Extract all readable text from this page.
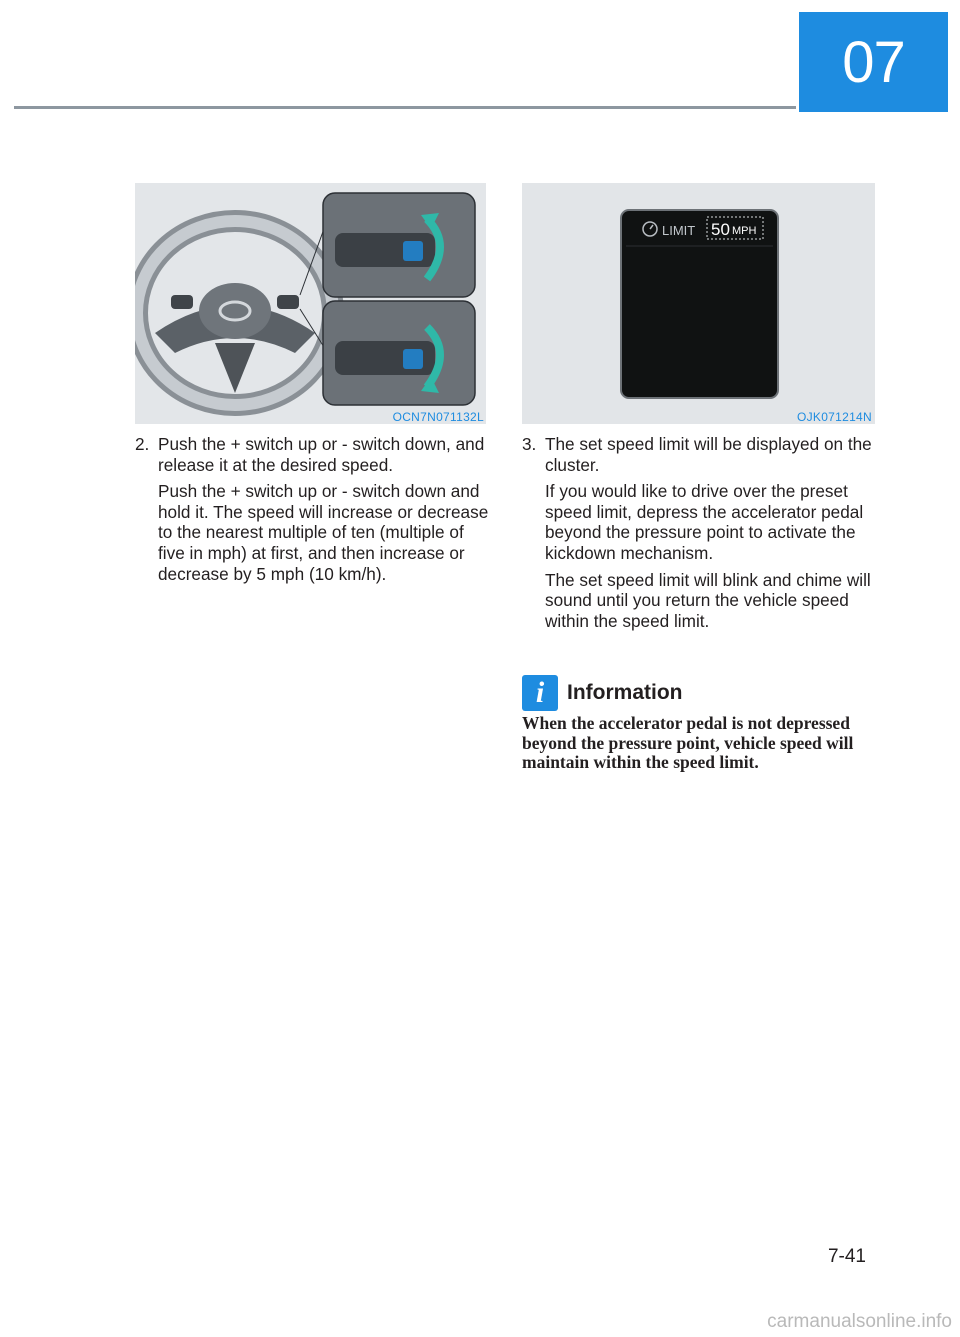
07
OCN7N071132L
LIMIT 50 MPH
OJK071214N
2. Push the + switch up or - switch down, and release it at the desired speed.

Push the + switch up or - switch down and hold it. The speed will increase or decrease to the nearest multiple of ten (multiple of five in mph) at first, and then increase or decrease by 5 mph (10 km/h).

3. The set speed limit will be displayed on the cluster.

If you would like to drive over the preset speed limit, depress the accelerator pedal beyond the pressure point to activate the kickdown mechanism.

The set speed limit will blink and chime will sound until you return the vehicle speed within the speed limit.

i	Information
When the accelerator pedal is not depressed beyond the pressure point, vehicle speed will maintain within the speed limit.
7-41
carmanualsonline.info
